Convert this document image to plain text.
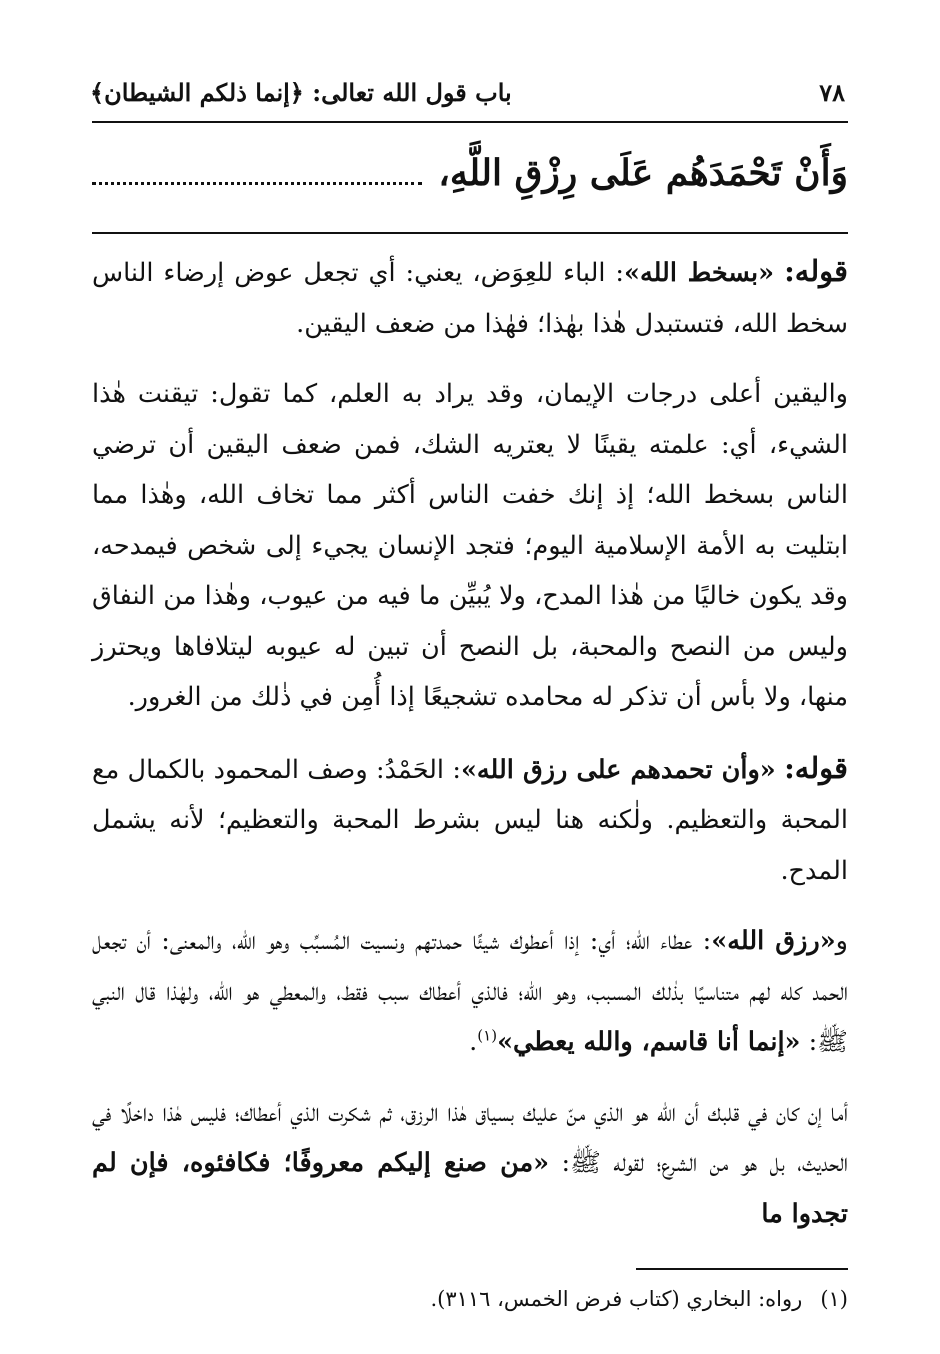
٧٨
باب قول الله تعالى: ﴿إنما ذلكم الشيطان﴾
وَأَنْ تَحْمَدَهُم عَلَى رِزْقِ اللَّهِ،

قوله: «بسخط الله»: الباء للعِوَض، يعني: أي تجعل عوض إرضاء الناس سخط الله، فتستبدل هٰذا بهٰذا؛ فهٰذا من ضعف اليقين.

واليقين أعلى درجات الإيمان، وقد يراد به العلم، كما تقول: تيقنت هٰذا الشيء، أي: علمته يقينًا لا يعتريه الشك، فمن ضعف اليقين أن ترضي الناس بسخط الله؛ إذ إنك خفت الناس أكثر مما تخاف الله، وهٰذا مما ابتليت به الأمة الإسلامية اليوم؛ فتجد الإنسان يجيء إلى شخص فيمدحه، وقد يكون خاليًا من هٰذا المدح، ولا يُبيِّن ما فيه من عيوب، وهٰذا من النفاق وليس من النصح والمحبة، بل النصح أن تبين له عيوبه ليتلافاها ويحترز منها، ولا بأس أن تذكر له محامده تشجيعًا إذا أُمِن في ذٰلك من الغرور.

قوله: «وأن تحمدهم على رزق الله»: الحَمْدُ: وصف المحمود بالكمال مع المحبة والتعظيم. ولٰكنه هنا ليس بشرط المحبة والتعظيم؛ لأنه يشمل المدح.

و«رزق الله»: عطاء الله؛ أي: إذا أعطوك شيئًا حمدتهم ونسيت المُسبِّب وهو الله، والمعنى: أن تجعل الحمد كله لهم متناسيًا بذٰلك المسبب، وهو الله؛ فالذي أعطاك سبب فقط، والمعطي هو الله، ولهٰذا قال النبي ﷺ: «إنما أنا قاسم، والله يعطي»$^{(١)}$.

أما إن كان في قلبك أن الله هو الذي منّ عليك بسياق هٰذا الرزق، ثم شكرت الذي أعطاك؛ فليس هٰذا داخلًا في الحديث، بل هو من الشرع؛ لقوله ﷺ: «من صنع إليكم معروفًا؛ فكافئوه، فإن لم تجدوا ما

(١)
رواه: البخاري (كتاب فرض الخمس، ٣١١٦).
